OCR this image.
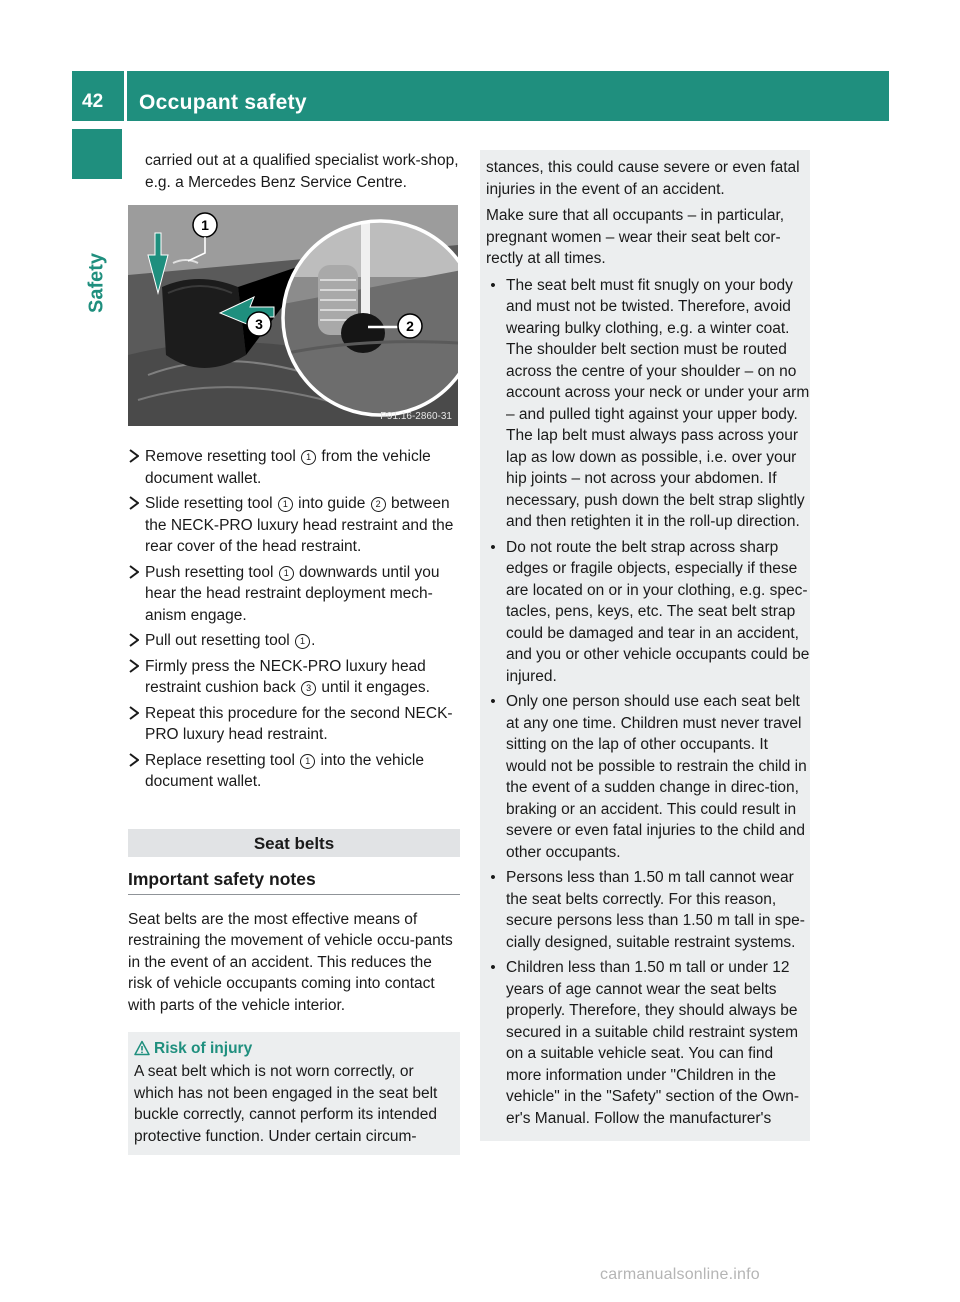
42 Occupant safety
Safety

carried out at a qualified specialist work-shop, e.g. a Mercedes Benz Service Centre.

1
3	2
P91.16-2860-31

Remove resetting tool 1 from the vehicle document wallet.

Slide resetting tool 1 into guide 2 between the NECK-PRO luxury head restraint and the rear cover of the head restraint.

Push resetting tool 1 downwards until you hear the head restraint deployment mech-anism engage.

Pull out resetting tool 1 .

Firmly press the NECK-PRO luxury head restraint cushion back 3 until it engages.

Repeat this procedure for the second NECK-PRO luxury head restraint.

Replace resetting tool 1 into the vehicle document wallet.

Seat belts
Important safety notes

Seat belts are the most effective means of restraining the movement of vehicle occu-pants in the event of an accident. This reduces the risk of vehicle occupants coming into contact with parts of the vehicle interior.

Risk of injury

A seat belt which is not worn correctly, or which has not been engaged in the seat belt buckle correctly, cannot perform its intended protective function. Under certain circum-

stances, this could cause severe or even fatal injuries in the event of an accident.

Make sure that all occupants – in particular, pregnant women – wear their seat belt cor-rectly at all times.

• The seat belt must fit snugly on your body and must not be twisted. Therefore, avoid wearing bulky clothing, e.g. a winter coat. The shoulder belt section must be routed across the centre of your shoulder – on no account across your neck or under your arm – and pulled tight against your upper body. The lap belt must always pass across your lap as low down as possible, i.e. over your hip joints – not across your abdomen. If necessary, push down the belt strap slightly and then retighten it in the roll-up direction.
• Do not route the belt strap across sharp edges or fragile objects, especially if these are located on or in your clothing, e.g. spec-tacles, pens, keys, etc. The seat belt strap could be damaged and tear in an accident, and you or other vehicle occupants could be injured.
• Only one person should use each seat belt at any one time. Children must never travel sitting on the lap of other occupants. It would not be possible to restrain the child in the event of a sudden change in direc-tion, braking or an accident. This could result in severe or even fatal injuries to the child and other occupants.
• Persons less than 1.50 m tall cannot wear the seat belts correctly. For this reason, secure persons less than 1.50 m tall in spe-cially designed, suitable restraint systems.
• Children less than 1.50 m tall or under 12 years of age cannot wear the seat belts properly. Therefore, they should always be secured in a suitable child restraint system on a suitable vehicle seat. You can find more information under "Children in the vehicle" in the "Safety" section of the Own-er's Manual. Follow the manufacturer's
carmanualsonline.info
